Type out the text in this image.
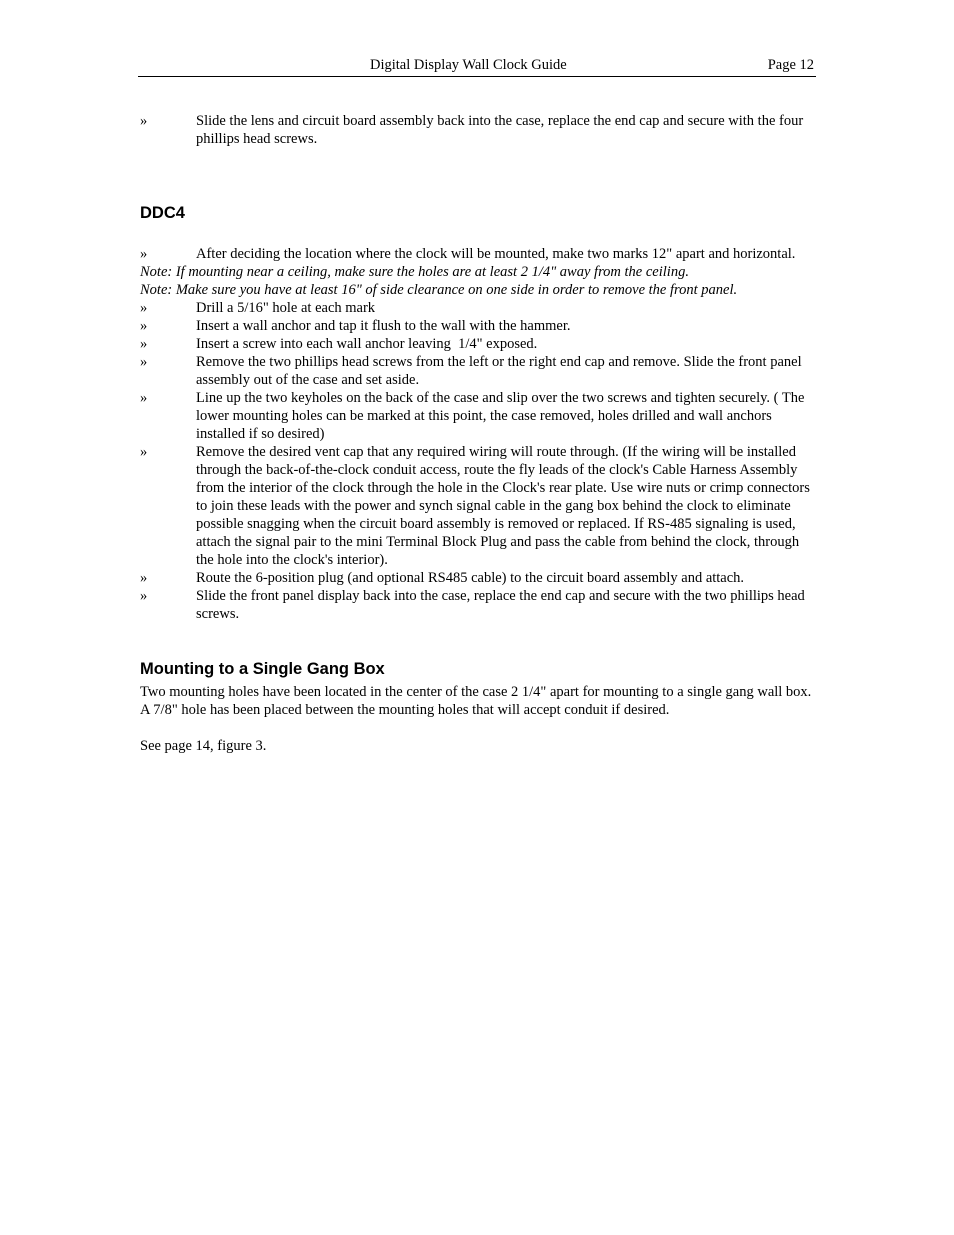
Digital Display Wall Clock Guide	Page 12
»	Slide the lens and circuit board assembly back into the case, replace the end cap and secure with the four phillips head screws.
DDC4
»	After deciding the location where the clock will be mounted, make two marks 12" apart and horizontal.
Note: If mounting near a ceiling, make sure the holes are at least 2 1/4" away from the ceiling.
Note: Make sure you have at least 16" of side clearance on one side in order to remove the front panel.
»	Drill a 5/16" hole at each mark
»	Insert a wall anchor and tap it flush to the wall with the hammer.
»	Insert a screw into each wall anchor leaving  1/4" exposed.
»	Remove the two phillips head screws from the left or the right end cap and remove. Slide the front panel assembly out of the case and set aside.
»	Line up the two keyholes on the back of the case and slip over the two screws and tighten securely. ( The lower mounting holes can be marked at this point, the case removed, holes drilled and wall anchors installed if so desired)
»	Remove the desired vent cap that any required wiring will route through. (If the wiring will be installed through the back-of-the-clock conduit access, route the fly leads of the clock's Cable Harness Assembly from the interior of the clock through the hole in the Clock's rear plate. Use wire nuts or crimp connectors to join these leads with the power and synch signal cable in the gang box behind the clock to eliminate possible snagging when the circuit board assembly is removed or replaced. If RS-485 signaling is used, attach the signal pair to the mini Terminal Block Plug and pass the cable from behind the clock, through the hole into the clock's interior).
»	Route the 6-position plug (and optional RS485 cable) to the circuit board assembly and attach.
»	Slide the front panel display back into the case, replace the end cap and secure with the two phillips head screws.
Mounting to a Single Gang Box

Two mounting holes have been located in the center of the case 2 1/4" apart for mounting to a single gang wall box. A 7/8" hole has been placed between the mounting holes that will accept conduit if desired.

See page 14, figure 3.
